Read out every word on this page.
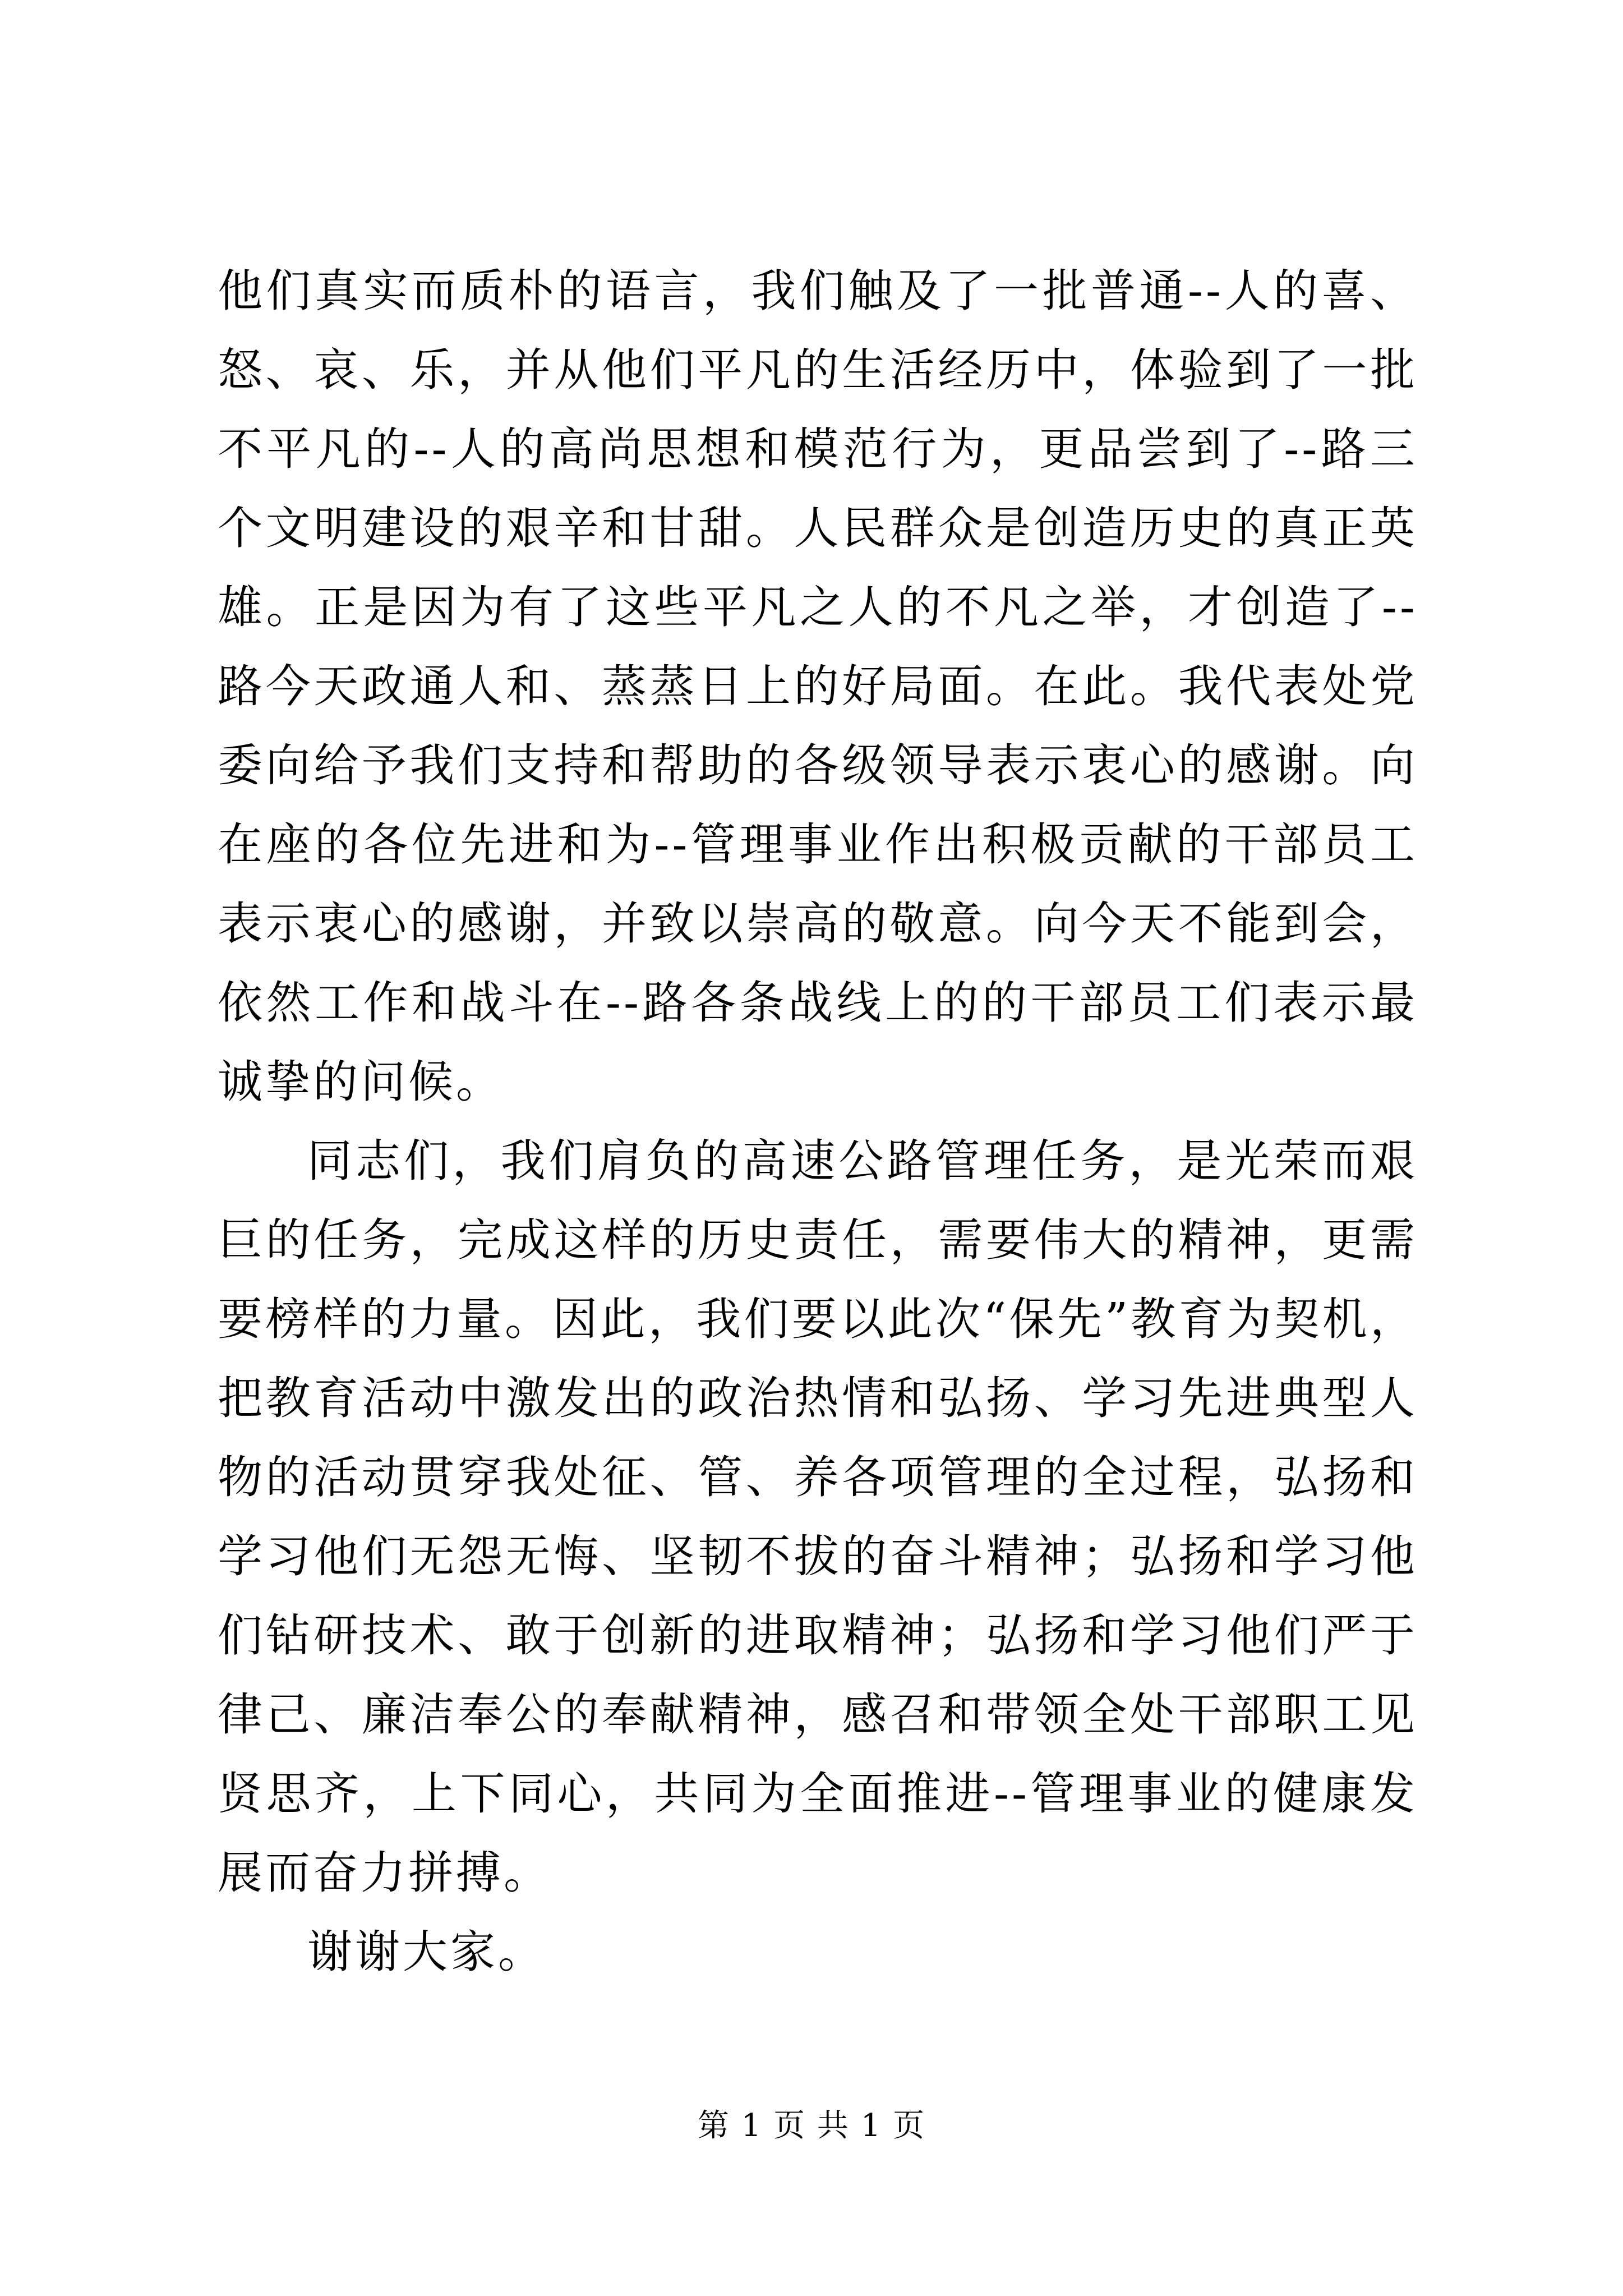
他们真实而质朴的语言，我们触及了一批普通--人的喜、怒、哀、乐，并从他们平凡的生活经历中，体验到了一批不平凡的--人的高尚思想和模范行为，更品尝到了--路三个文明建设的艰辛和甘甜。人民群众是创造历史的真正英雄。正是因为有了这些平凡之人的不凡之举，才创造了--路今天政通人和、蒸蒸日上的好局面。在此。我代表处党委向给予我们支持和帮助的各级领导表示衷心的感谢。向在座的各位先进和为--管理事业作出积极贡献的干部员工表示衷心的感谢，并致以崇高的敬意。向今天不能到会，依然工作和战斗在--路各条战线上的的干部员工们表示最诚挚的问候。

同志们，我们肩负的高速公路管理任务，是光荣而艰巨的任务，完成这样的历史责任，需要伟大的精神，更需要榜样的力量。因此，我们要以此次“保先”教育为契机，把教育活动中激发出的政治热情和弘扬、学习先进典型人物的活动贯穿我处征、管、养各项管理的全过程，弘扬和学习他们无怨无悔、坚韧不拔的奋斗精神；弘扬和学习他们钻研技术、敢于创新的进取精神；弘扬和学习他们严于律己、廉洁奉公的奉献精神，感召和带领全处干部职工见贤思齐，上下同心，共同为全面推进--管理事业的健康发展而奋力拼搏。

谢谢大家。

第 1 页 共 1 页
